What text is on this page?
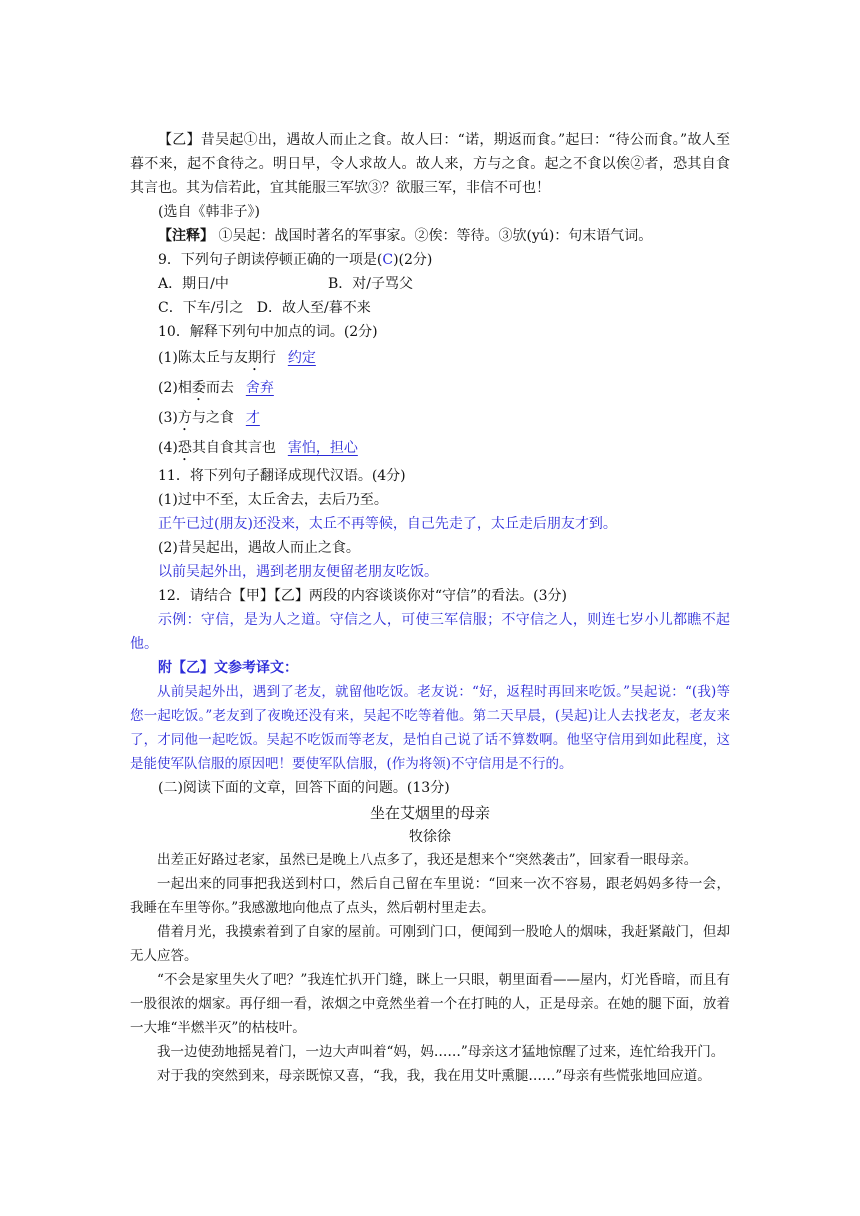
【乙】昔吴起①出，遇故人而止之食。故人曰：“诺，期返而食。”起曰：“待公而食。”故人至暮不来，起不食待之。明日早，令人求故人。故人来，方与之食。起之不食以俟②者，恐其自食其言也。其为信若此，宜其能服三军欤③？欲服三军，非信不可也！

(选自《韩非子》)

【注释】 ①吴起：战国时著名的军事家。②俟：等待。③欤(yú)：句末语气词。

9．下列句子朗读停顿正确的一项是(C)(2分)

A．期日/中	B．对/子骂父

C．下车/引之 D．故人至/暮不来

10．解释下列句中加点的词。(2分)

(1)陈太丘与友期行 约定

(2)相委而去 舍弃

(3)方与之食 才

(4)恐其自食其言也 害怕，担心

11．将下列句子翻译成现代汉语。(4分)

(1)过中不至，太丘舍去，去后乃至。

正午已过(朋友)还没来，太丘不再等候，自己先走了，太丘走后朋友才到。

(2)昔吴起出，遇故人而止之食。

以前吴起外出，遇到老朋友便留老朋友吃饭。

12．请结合【甲】【乙】两段的内容谈谈你对“守信”的看法。(3分)

示例：守信，是为人之道。守信之人，可使三军信服；不守信之人，则连七岁小儿都瞧不起他。

附【乙】文参考译文：

从前吴起外出，遇到了老友，就留他吃饭。老友说：“好，返程时再回来吃饭。”吴起说：“(我)等您一起吃饭。”老友到了夜晚还没有来，吴起不吃等着他。第二天早晨，(吴起)让人去找老友，老友来了，才同他一起吃饭。吴起不吃饭而等老友，是怕自己说了话不算数啊。他坚守信用到如此程度，这是能使军队信服的原因吧！要使军队信服，(作为将领)不守信用是不行的。

(二)阅读下面的文章，回答下面的问题。(13分)

坐在艾烟里的母亲

牧徐徐

出差正好路过老家，虽然已是晚上八点多了，我还是想来个“突然袭击”，回家看一眼母亲。

一起出来的同事把我送到村口，然后自己留在车里说：“回来一次不容易，跟老妈妈多待一会，我睡在车里等你。”我感激地向他点了点头，然后朝村里走去。

借着月光，我摸索着到了自家的屋前。可刚到门口，便闻到一股呛人的烟味，我赶紧敲门，但却无人应答。

“不会是家里失火了吧？”我连忙扒开门缝，眯上一只眼，朝里面看——屋内，灯光昏暗，而且有一股很浓的烟家。再仔细一看，浓烟之中竟然坐着一个在打盹的人，正是母亲。在她的腿下面，放着一大堆“半燃半灭”的枯枝叶。

我一边使劲地摇晃着门，一边大声叫着“妈，妈……”母亲这才猛地惊醒了过来，连忙给我开门。

对于我的突然到来，母亲既惊又喜，“我，我，我在用艾叶熏腿……”母亲有些慌张地回应道。
